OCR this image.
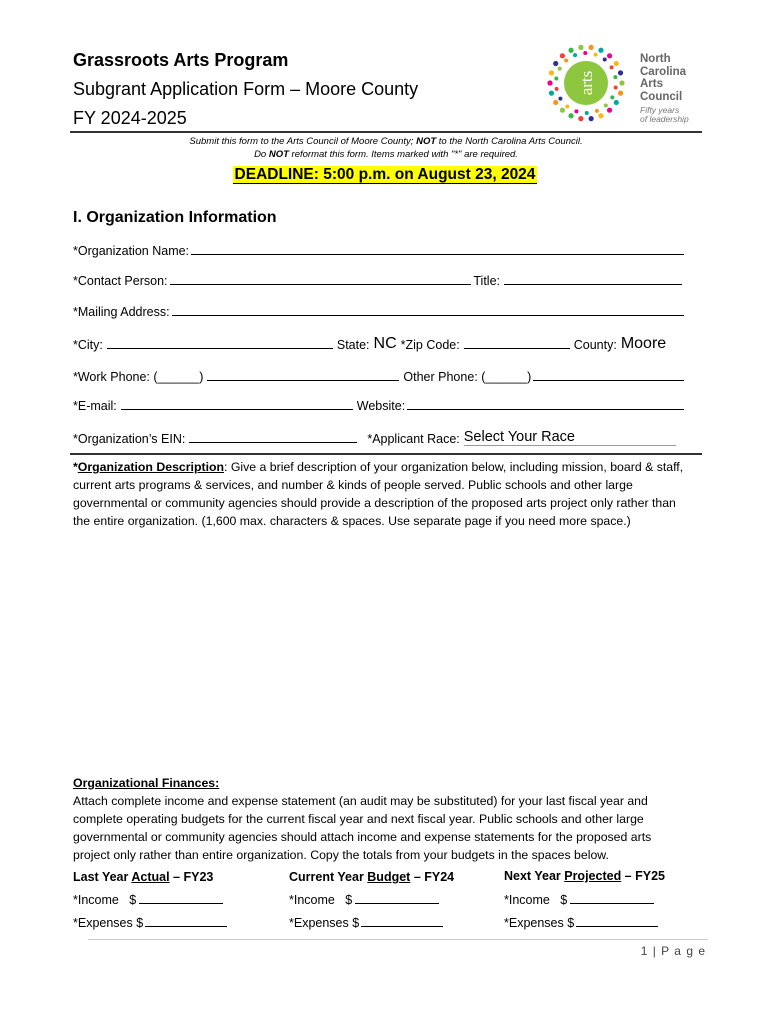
Grassroots Arts Program
Subgrant Application Form – Moore County
FY 2024-2025
arts
North
Carolina
Arts
Council
Fifty years
of leadership
Submit this form to the Arts Council of Moore County; NOT to the North Carolina Arts Council.
Do NOT reformat this form. Items marked with "*" are required.
DEADLINE: 5:00 p.m. on August 23, 2024
I. Organization Information
*Organization Name:
*Contact Person:	Title:
*Mailing Address:
*City:	State: NC *Zip Code:	County: Moore
*Work Phone: (______)	Other Phone: (______)
*E-mail:	Website:
*Organization’s EIN:	*Applicant Race: Select Your Race
*Organization Description: Give a brief description of your organization below, including mission, board & staff, current arts programs & services, and number & kinds of people served. Public schools and other large governmental or community agencies should provide a description of the proposed arts project only rather than the entire organization. (1,600 max. characters & spaces. Use separate page if you need more space.)
Organizational Finances:
Attach complete income and expense statement (an audit may be substituted) for your last fiscal year and complete operating budgets for the current fiscal year and next fiscal year. Public schools and other large governmental or community agencies should attach income and expense statements for the proposed arts project only rather than entire organization. Copy the totals from your budgets in the spaces below.
Last Year Actual – FY23	Current Year Budget – FY24	Next Year Projected – FY25
*Income   $	*Income   $	*Income   $
*Expenses $	*Expenses $	*Expenses $
1 | P a g e
